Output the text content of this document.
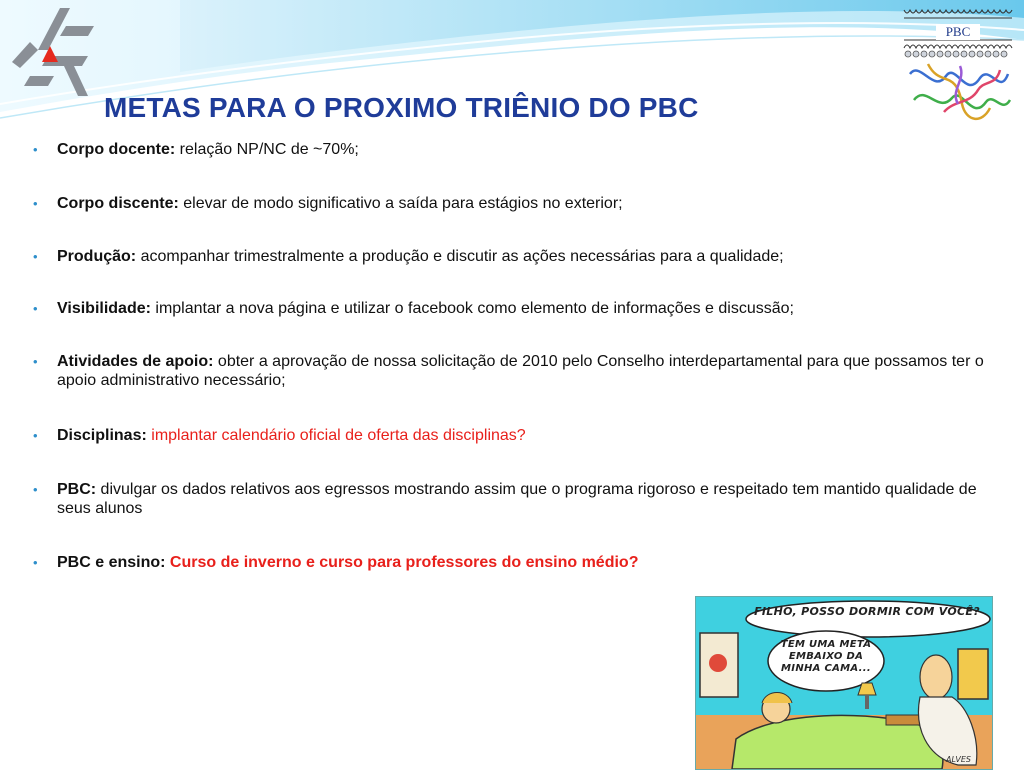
PBC
METAS PARA O PROXIMO TRIÊNIO DO PBC
• Corpo docente: relação NP/NC de ~70%;
• Corpo discente: elevar de modo significativo a saída para estágios no exterior;
• Produção: acompanhar trimestralmente a produção e discutir as ações necessárias para a qualidade;
• Visibilidade: implantar a nova página e utilizar o facebook como elemento de informações e discussão;
• Atividades de apoio: obter a aprovação de nossa solicitação de 2010 pelo Conselho interdepartamental para que possamos ter o apoio administrativo necessário;
• Disciplinas: implantar calendário oficial de oferta das disciplinas?
• PBC: divulgar os dados relativos aos egressos mostrando assim que o programa rigoroso e respeitado tem mantido qualidade de seus alunos
• PBC e ensino: Curso de inverno e curso para professores do ensino médio?
FILHO, POSSO DORMIR COM VOCÊ?
TEM UMA META EMBAIXO DA MINHA CAMA...
ALVES
